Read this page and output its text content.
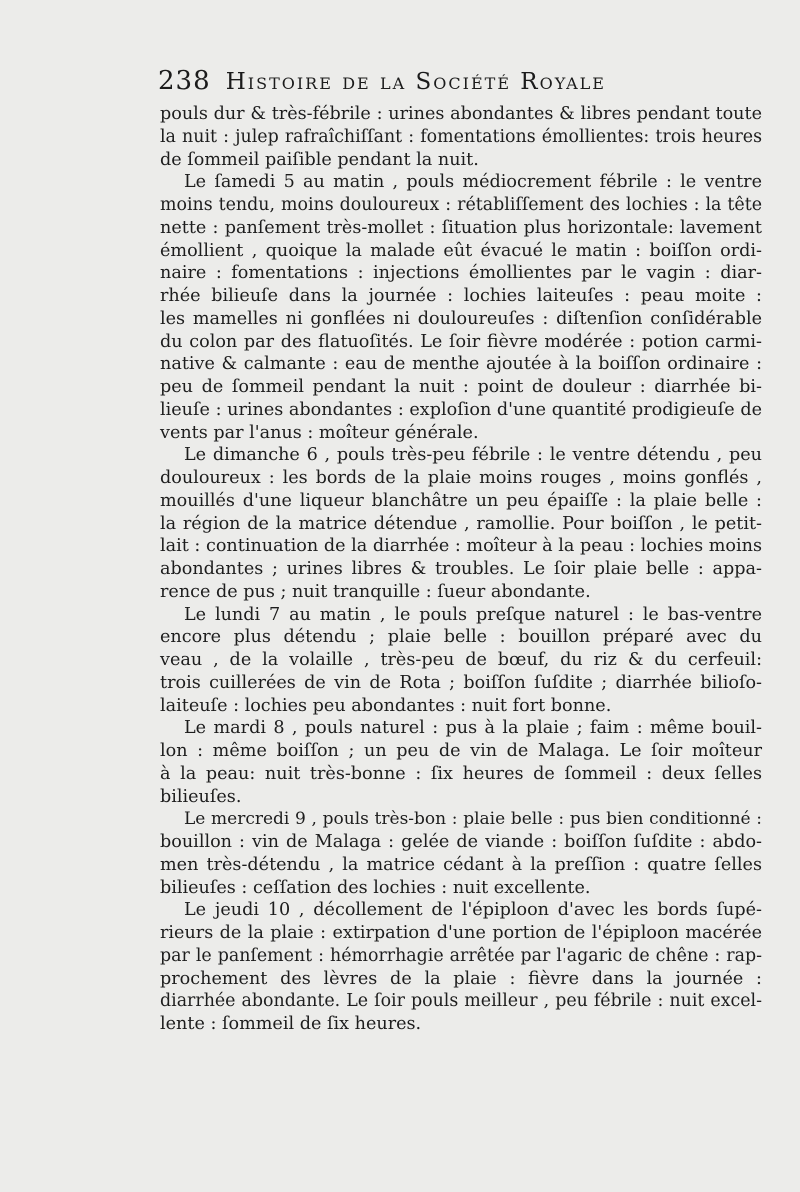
238 Histoire de la Société Royale

pouls dur & très-fébrile : urines abondantes & libres pendant toute
la nuit : julep rafraîchiſſant : fomentations émollientes: trois heures
de ſommeil paiſible pendant la nuit.

Le ſamedi 5 au matin , pouls médiocrement fébrile : le ventre
moins tendu, moins douloureux : rétabliſſement des lochies : la tête
nette : panſement très-mollet : ſituation plus horizontale: lavement
émollient , quoique la malade eût évacué le matin : boiſſon ordi-
naire : fomentations : injections émollientes par le vagin : diar-
rhée bilieuſe dans la journée : lochies laiteuſes : peau moite :
les mamelles ni gonflées ni douloureuſes : diſtenſion conſidérable
du colon par des flatuoſités. Le ſoir fièvre modérée : potion carmi-
native & calmante : eau de menthe ajoutée à la boiſſon ordinaire :
peu de ſommeil pendant la nuit : point de douleur : diarrhée bi-
lieuſe : urines abondantes : exploſion d'une quantité prodigieuſe de
vents par l'anus : moîteur générale.

Le dimanche 6 , pouls très-peu fébrile : le ventre détendu , peu
douloureux : les bords de la plaie moins rouges , moins gonflés ,
mouillés d'une liqueur blanchâtre un peu épaiſſe : la plaie belle :
la région de la matrice détendue , ramollie. Pour boiſſon , le petit-
lait : continuation de la diarrhée : moîteur à la peau : lochies moins
abondantes ; urines libres & troubles. Le ſoir plaie belle : appa-
rence de pus ; nuit tranquille : ſueur abondante.

Le lundi 7 au matin , le pouls preſque naturel : le bas-ventre
encore plus détendu ; plaie belle : bouillon préparé avec du
veau , de la volaille , très-peu de bœuf, du riz & du cerfeuil:
trois cuillerées de vin de Rota ; boiſſon ſuſdite ; diarrhée bilioſo-
laiteuſe : lochies peu abondantes : nuit fort bonne.

Le mardi 8 , pouls naturel : pus à la plaie ; faim : même bouil-
lon : même boiſſon ; un peu de vin de Malaga. Le ſoir moîteur
à la peau: nuit très-bonne : ſix heures de ſommeil : deux ſelles
bilieuſes.

Le mercredi 9 , pouls très-bon : plaie belle : pus bien conditionné :
bouillon : vin de Malaga : gelée de viande : boiſſon ſuſdite : abdo-
men très-détendu , la matrice cédant à la preſſion : quatre ſelles
bilieuſes : ceſſation des lochies : nuit excellente.

Le jeudi 10 , décollement de l'épiploon d'avec les bords ſupé-
rieurs de la plaie : extirpation d'une portion de l'épiploon macérée
par le panſement : hémorrhagie arrêtée par l'agaric de chêne : rap-
prochement des lèvres de la plaie : fièvre dans la journée :
diarrhée abondante. Le ſoir pouls meilleur , peu fébrile : nuit excel-
lente : ſommeil de ſix heures.
